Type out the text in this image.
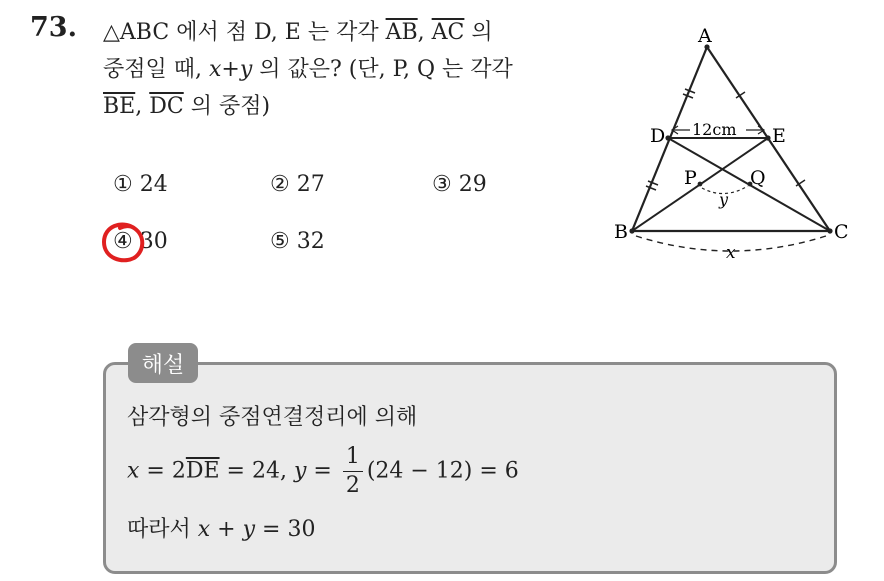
73. △ABC 에서 점 D, E 는 각각 $\overline{AB}$, $\overline{AC}$ 의
중점일 때, x+y 의 값은? (단, P, Q 는 각각
$\overline{BE}$, $\overline{DC}$ 의 중점)
① 24	② 27	③ 29
④ 30	⑤ 32
A
D	E
B	C
P	Q
12cm
y
x
해설
삼각형의 중점연결정리에 의해
$x = 2\overline{DE} = 24$, $y = \frac{1}{2} (24 - 12) = 6$
따라서 x + y = 30
